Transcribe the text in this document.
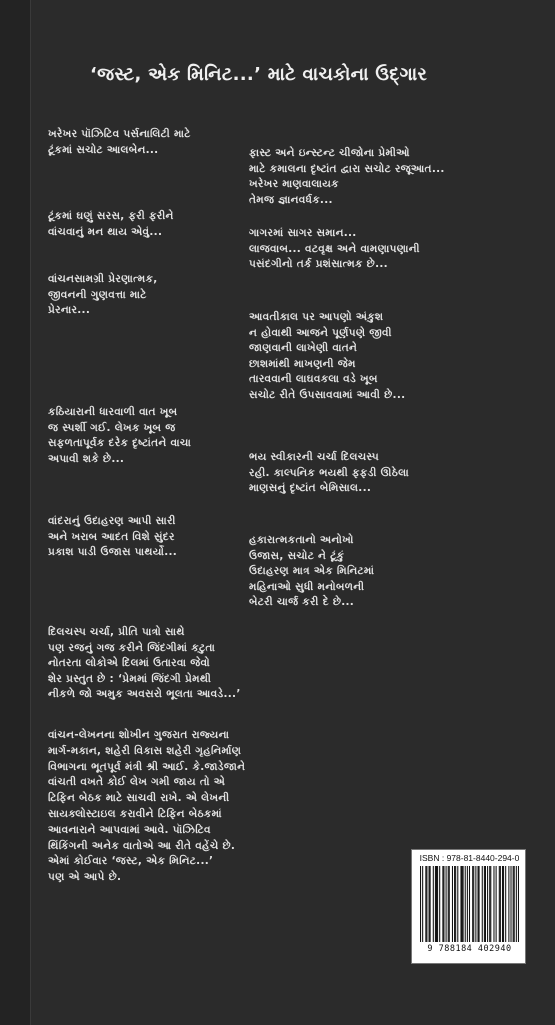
‘જસ્ટ, એક મિનિટ...’ માટે વાચકોના ઉદ્‌ગાર
ખરેખર પૉઝિટિવ પર્સનાલિટી માટે
ટૂંકમાં સચોટ આલબેન...
ટૂંકમાં ઘણું સરસ, ફરી ફરીને
વાંચવાનું મન થાય એવું...
વાંચનસામગ્રી પ્રેરણાત્મક,
જીવનની ગુણવત્તા માટે
પ્રેરનાર...
કઠિયારાની ધારવાળી વાત ખૂબ
જ સ્પર્શી ગઈ. લેખક ખૂબ જ
સફળતાપૂર્વક દરેક દૃષ્ટાંતને વાચા
અપાવી શકે છે...
વાંદરાનું ઉદાહરણ આપી સારી
અને ખરાબ આદત વિશે સુંદર
પ્રકાશ પાડી ઉજાસ પાથર્યો...
ફાસ્ટ અને ઇન્સ્ટન્ટ ચીજોના પ્રેમીઓ
માટે કમાલના દૃષ્ટાંત દ્વારા સચોટ રજૂઆત...
ખરેખર માણવાલાયક
તેમજ જ્ઞાનવર્ધક...
ગાગરમાં સાગર સમાન...
લાજવાબ... વટવૃક્ષ અને વામણાપણાની
પસંદગીનો તર્ક પ્રશંસાત્મક છે...
આવતીકાલ પર આપણો અંકુશ
ન હોવાથી આજને પૂર્ણપણે જીવી
જાણવાની લાખેણી વાતને
છાશમાંથી માખણની જેમ
તારવવાની લાઘવકલા વડે ખૂબ
સચોટ રીતે ઉપસાવવામાં આવી છે...
ભય સ્વીકારની ચર્ચા દિલચસ્પ
રહી. કાલ્પનિક ભયથી ફફડી ઊઠેલા
માણસનું દૃષ્ટાંત બેમિસાલ...
હકારાત્મકતાનો અનોખો
ઉજાસ, સચોટ ને ટૂંકું
ઉદાહરણ માત્ર એક મિનિટમાં
મહિનાઓ સુધી મનોબળની
બેટરી ચાર્જ કરી દે છે...
દિલચસ્પ ચર્ચા, પ્રીતિ પાત્રો સાથે
પણ રજનું ગજ કરીને જિંદગીમાં કટુતા
નોતરતા લોકોએ દિલમાં ઉતારવા જેવો
શેર પ્રસ્તુત છે : ‘પ્રેમમાં જિંદગી પ્રેમથી
નીકળે જો અમુક અવસરો ભૂલતા આવડે...’
વાંચન-લેખનના શોખીન ગુજરાત રાજ્યના
માર્ગ-મકાન, શહેરી વિકાસ શહેરી ગૃહનિર્માણ
વિભાગના ભૂતપૂર્વ મંત્રી શ્રી આઈ. કે.જાડેજાને
વાંચતી વખતે કોઈ લેખ ગમી જાય તો એ
ટિફિન બેઠક માટે સાચવી રાખે. એ લેખની
સાયક્લોસ્ટાઇલ કરાવીને ટિફિન બેઠકમાં
આવનારાને આપવામાં આવે. પૉઝિટિવ
થિંકિંગની અનેક વાતોએ આ રીતે વહેંચે છે.
એમાં કોઈવાર ‘જસ્ટ, એક મિનિટ...’
પણ એ આપે છે.
ISBN : 978-81-8440-294-0
9 788184 402940
